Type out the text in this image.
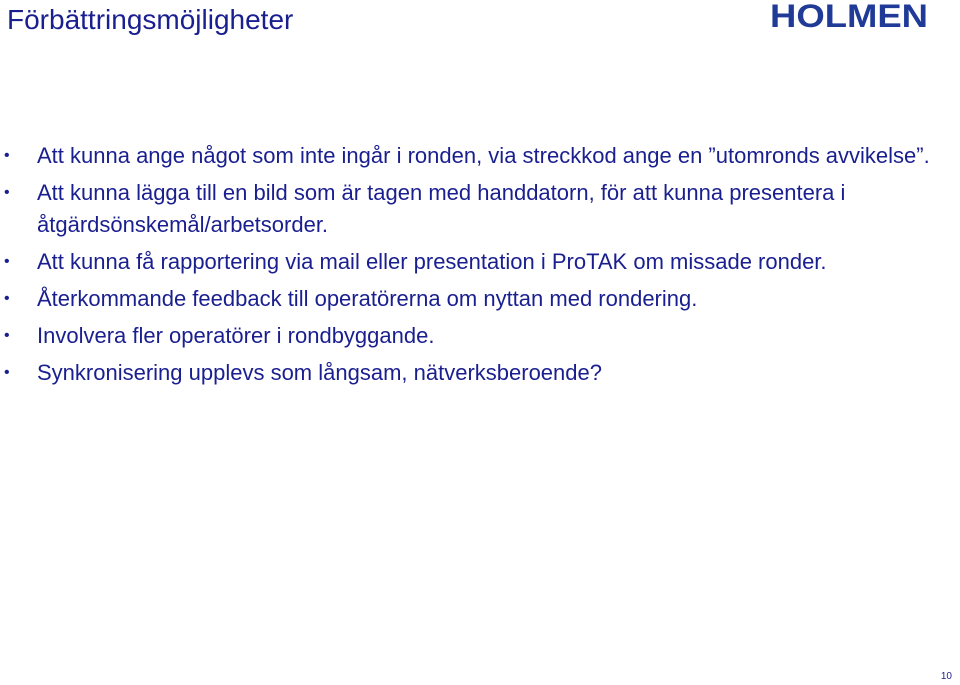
Förbättringsmöjligheter	HOLMEN
• Att kunna ange något som inte ingår i ronden, via streckkod ange en ”utomronds avvikelse”.
• Att kunna lägga till en bild som är tagen med handdatorn, för att kunna presentera i åtgärdsönskemål/arbetsorder.
• Att kunna få rapportering via mail eller presentation i ProTAK om missade ronder.
• Återkommande feedback till operatörerna om nyttan med rondering.
• Involvera fler operatörer i rondbyggande.
• Synkronisering upplevs som långsam, nätverksberoende?
10
